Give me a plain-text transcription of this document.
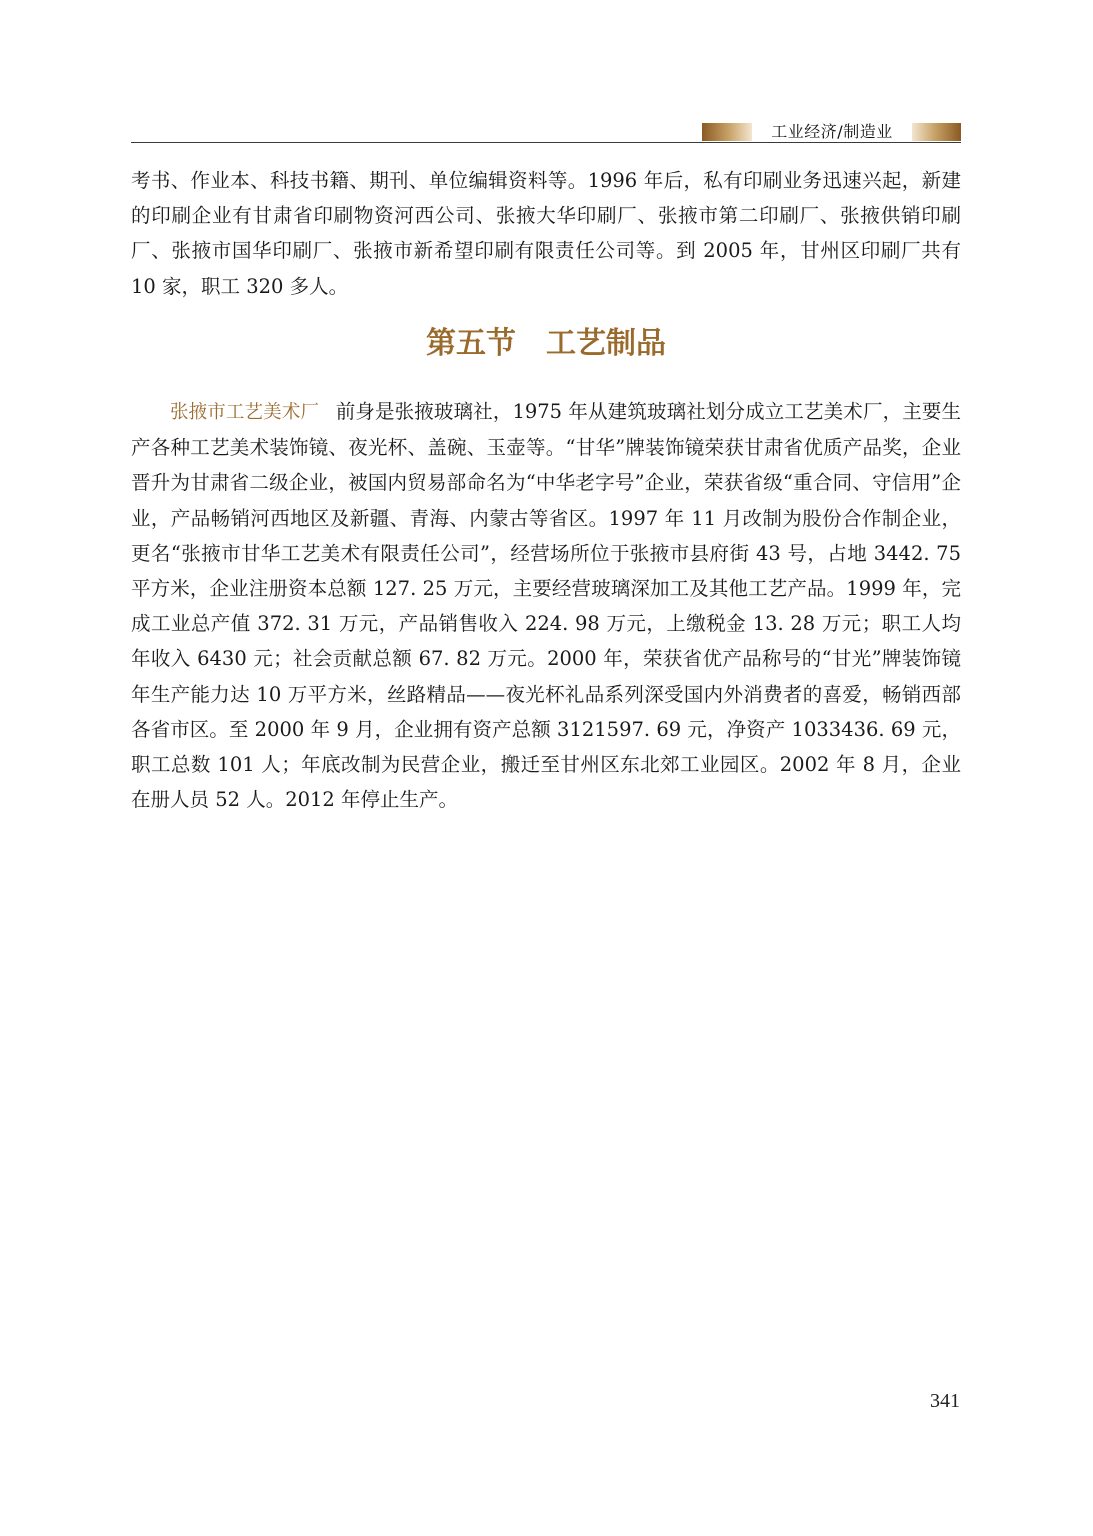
工业经济/制造业

考书、作业本、科技书籍、期刊、单位编辑资料等。1996 年后，私有印刷业务迅速兴起，新建的印刷企业有甘肃省印刷物资河西公司、张掖大华印刷厂、张掖市第二印刷厂、张掖供销印刷厂、张掖市国华印刷厂、张掖市新希望印刷有限责任公司等。到 2005 年，甘州区印刷厂共有 10 家，职工 320 多人。

第五节　工艺制品

张掖市工艺美术厂 前身是张掖玻璃社，1975 年从建筑玻璃社划分成立工艺美术厂，主要生产各种工艺美术装饰镜、夜光杯、盖碗、玉壶等。“甘华”牌装饰镜荣获甘肃省优质产品奖，企业晋升为甘肃省二级企业，被国内贸易部命名为“中华老字号”企业，荣获省级“重合同、守信用”企业，产品畅销河西地区及新疆、青海、内蒙古等省区。1997 年 11 月改制为股份合作制企业，更名“张掖市甘华工艺美术有限责任公司”，经营场所位于张掖市县府街 43 号，占地 3442. 75 平方米，企业注册资本总额 127. 25 万元，主要经营玻璃深加工及其他工艺产品。1999 年，完成工业总产值 372. 31 万元，产品销售收入 224. 98 万元，上缴税金 13. 28 万元；职工人均年收入 6430 元；社会贡献总额 67. 82 万元。2000 年，荣获省优产品称号的“甘光”牌装饰镜年生产能力达 10 万平方米，丝路精品——夜光杯礼品系列深受国内外消费者的喜爱，畅销西部各省市区。至 2000 年 9 月，企业拥有资产总额 3121597. 69 元，净资产 1033436. 69 元，职工总数 101 人；年底改制为民营企业，搬迁至甘州区东北郊工业园区。2002 年 8 月，企业在册人员 52 人。2012 年停止生产。

341
